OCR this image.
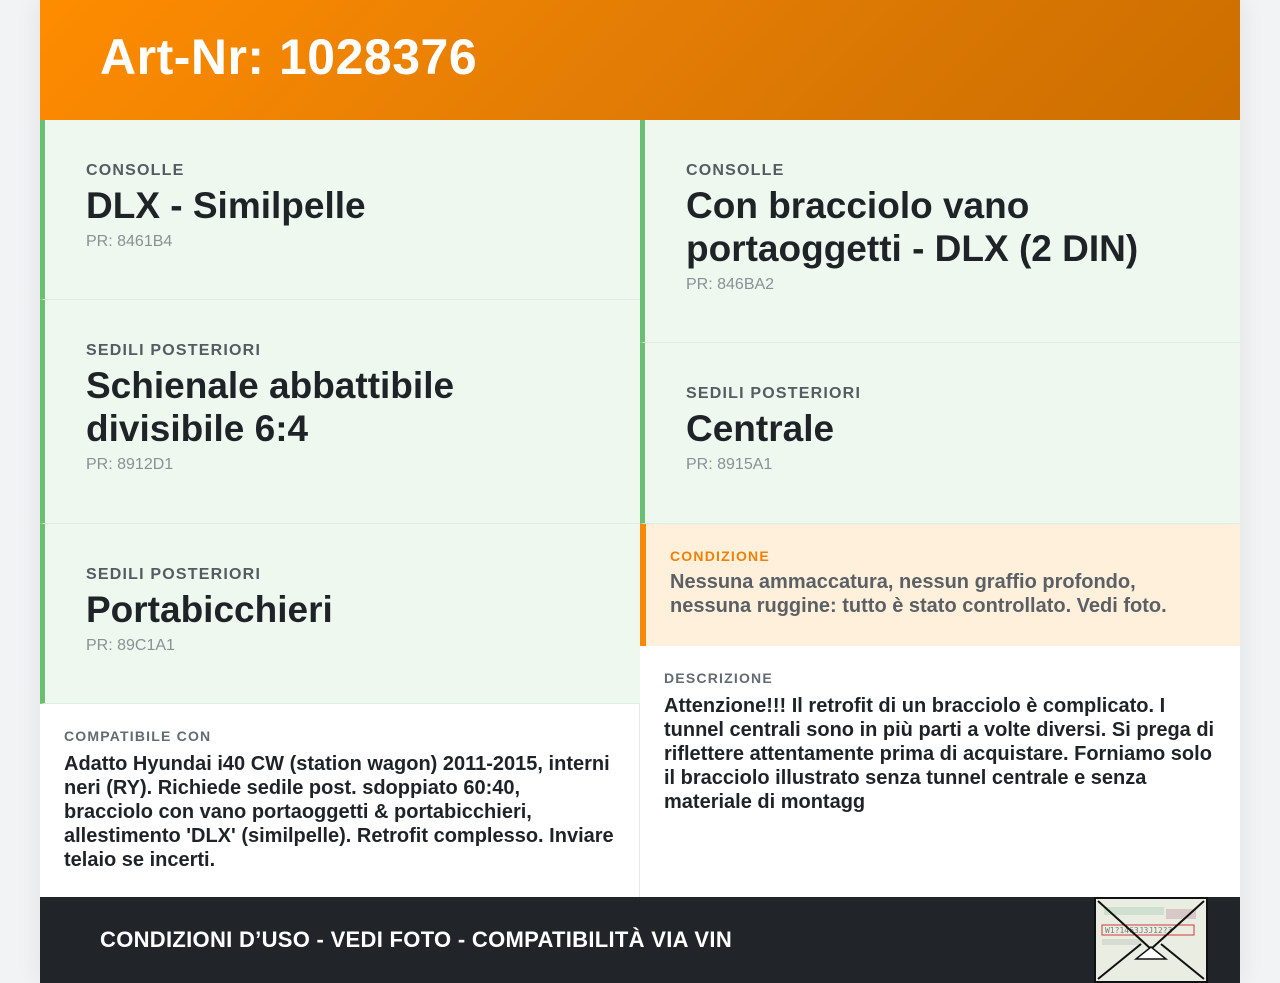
Art-Nr: 1028376
CONSOLLE
DLX - Similpelle
PR: 8461B4
SEDILI POSTERIORI
Schienale abbattibile divisibile 6:4
PR: 8912D1
SEDILI POSTERIORI
Portabicchieri
PR: 89C1A1
COMPATIBILE CON
Adatto Hyundai i40 CW (station wagon) 2011-2015, interni neri (RY). Richiede sedile post. sdoppiato 60:40, bracciolo con vano portaoggetti & portabicchieri, allestimento 'DLX' (similpelle). Retrofit complesso. Inviare telaio se incerti.
CONSOLLE
Con bracciolo vano portaoggetti - DLX (2 DIN)
PR: 846BA2
SEDILI POSTERIORI
Centrale
PR: 8915A1
CONDIZIONE
Nessuna ammaccatura, nessun graffio profondo, nessuna ruggine: tutto è stato controllato. Vedi foto.
DESCRIZIONE
Attenzione!!! Il retrofit di un bracciolo è complicato. I tunnel centrali sono in più parti a volte diversi. Si prega di riflettere attentamente prima di acquistare. Forniamo solo il bracciolo illustrato senza tunnel centrale e senza materiale di montagg
CONDIZIONI D’USO - VEDI FOTO - COMPATIBILITÀ VIA VIN	W1?1463J3J12?3
